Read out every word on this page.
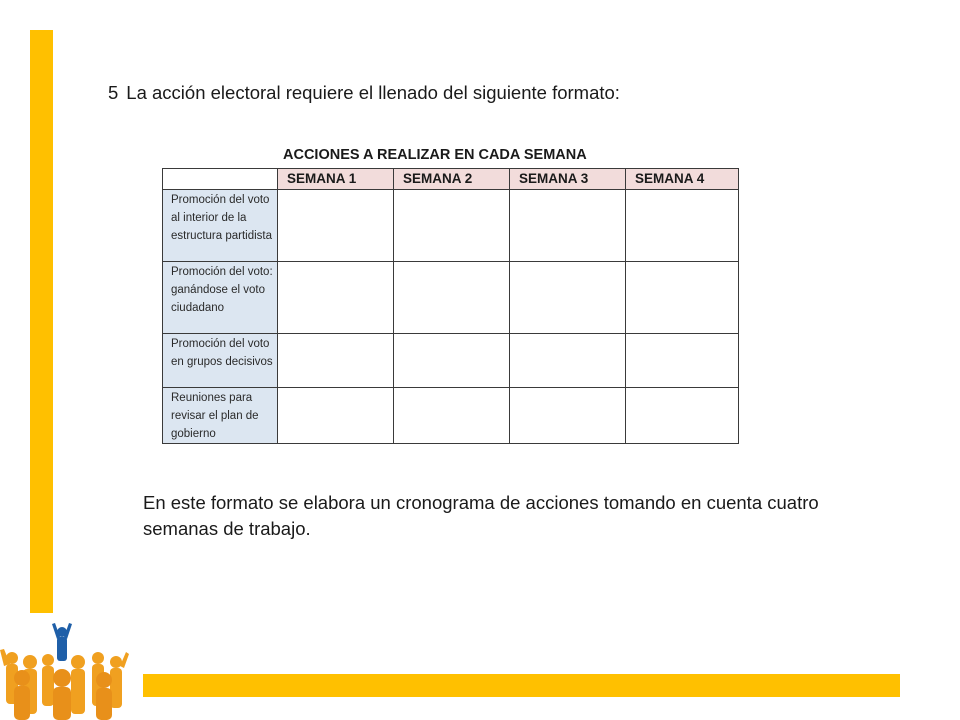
5 La acción electoral requiere el llenado del siguiente formato:
ACCIONES A REALIZAR EN CADA SEMANA
	SEMANA 1	SEMANA 2	SEMANA 3	SEMANA 4
Promoción del voto al interior de la estructura partidista				
Promoción del voto: ganándose el voto ciudadano				
Promoción del voto en grupos decisivos				
Reuniones para revisar el plan de gobierno				
En este formato se elabora un cronograma de acciones tomando en cuenta cuatro semanas de trabajo.
